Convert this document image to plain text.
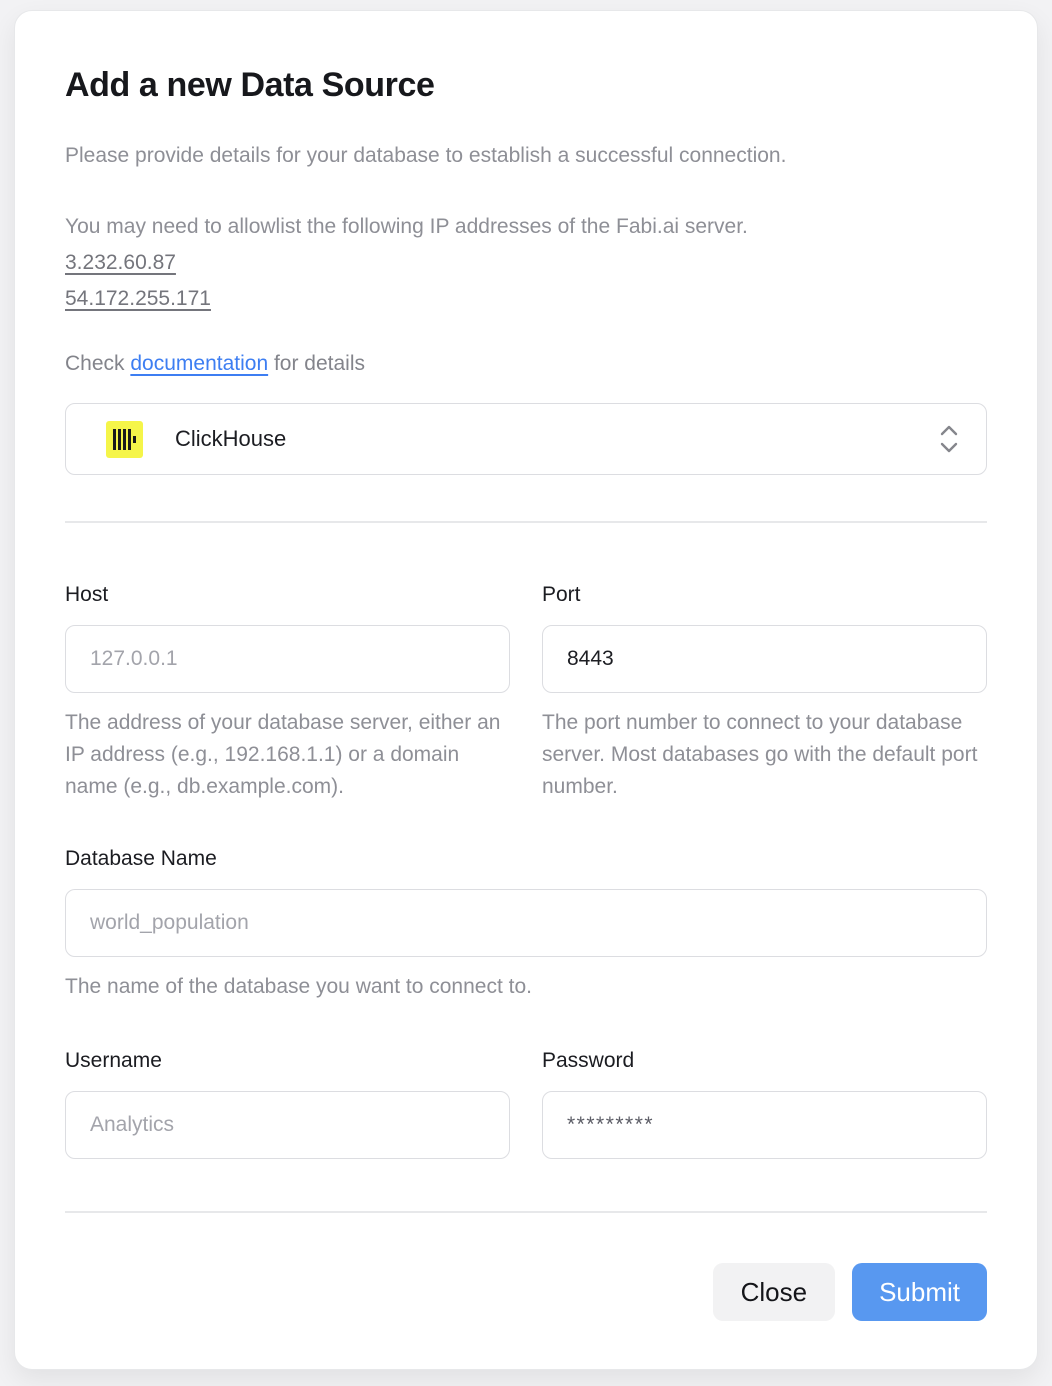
Add a new Data Source

Please provide details for your database to establish a successful connection.

You may need to allowlist the following IP addresses of the Fabi.ai server.

3.232.60.87
54.172.255.171

Check documentation for details

ClickHouse
Host 127.0.0.1

The address of your database server, either an IP address (e.g., 192.168.1.1) or a domain name (e.g., db.example.com).

Port 8443

The port number to connect to your database server. Most databases go with the default port number.

Database Name world_population

The name of the database you want to connect to.

Username Analytics	Password *********
Close	Submit
